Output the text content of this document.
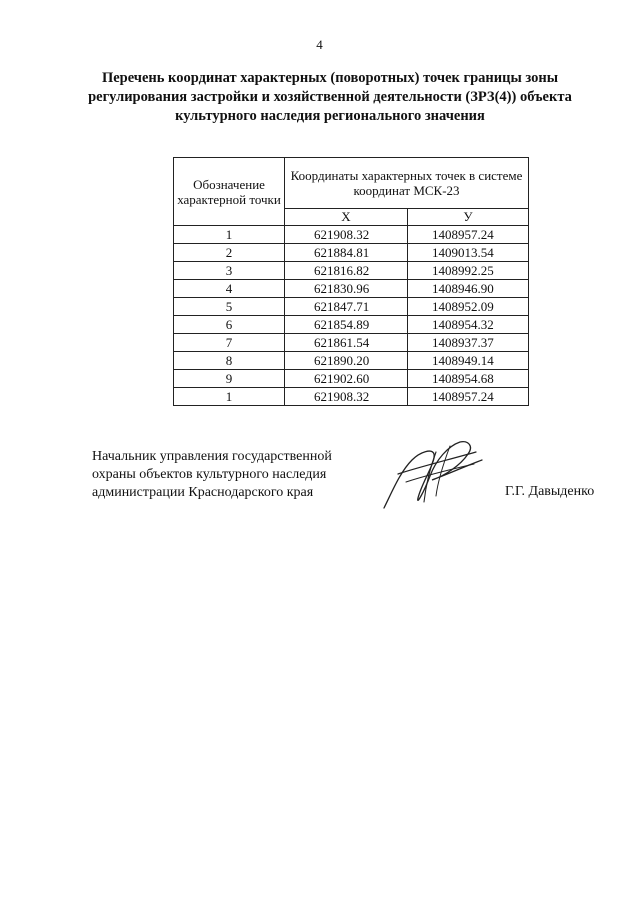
4
Перечень координат характерных (поворотных) точек границы зоны
регулирования застройки и хозяйственной деятельности (ЗРЗ(4)) объекта
культурного наследия регионального значения
Обозначение характерной точки	Координаты характерных точек в системе координат МСК-23	
	X	У
1	621908.32	1408957.24
2	621884.81	1409013.54
3	621816.82	1408992.25
4	621830.96	1408946.90
5	621847.71	1408952.09
6	621854.89	1408954.32
7	621861.54	1408937.37
8	621890.20	1408949.14
9	621902.60	1408954.68
1	621908.32	1408957.24
Начальник управления государственной
охраны объектов культурного наследия
администрации Краснодарского края	Г.Г. Давыденко
